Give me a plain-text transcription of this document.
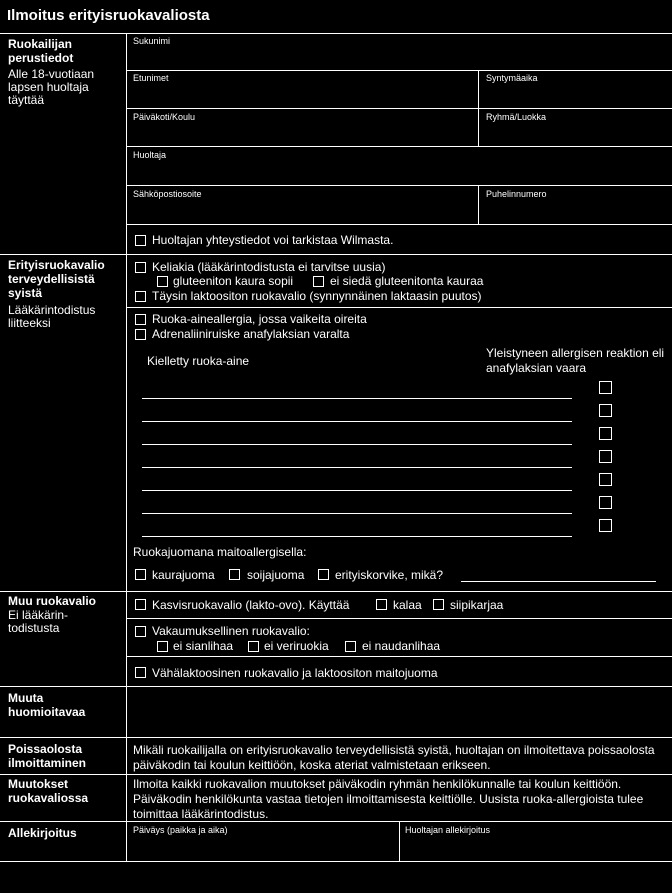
Ilmoitus erityisruokavaliosta
Ruokailijan perustiedot
Alle 18-vuotiaan lapsen huoltaja täyttää
Sukunimi
Etunimet	Syntymäaika
Päiväkoti/Koulu	Ryhmä/Luokka
Huoltaja
Sähköpostiosoite	Puhelinnumero
Huoltajan yhteystiedot voi tarkistaa Wilmasta.
Erityisruokavalio terveydellisistä syistä
Lääkärintodistus liitteeksi
Keliakia (lääkärintodistusta ei tarvitse uusia)
gluteeniton kaura sopii	ei siedä gluteenitonta kauraa
Täysin laktoositon ruokavalio (synnynnäinen laktaasin puutos)
Ruoka-aineallergia, jossa vaikeita oireita
Adrenaliiniruiske anafylaksian varalta
Kielletty ruoka-aine
Yleistyneen allergisen reaktion eli anafylaksian vaara
Ruokajuomana maitoallergisella:
kaurajuoma	soijajuoma	erityiskorvike, mikä?
Muu ruokavalio
Ei lääkärin-todistusta
Kasvisruokavalio (lakto-ovo). Käyttää	kalaa siipikarjaa
Vakaumuksellinen ruokavalio:
ei sianlihaa	ei veriruokia	ei naudanlihaa
Vähälaktoosinen ruokavalio ja laktoositon maitojuoma
Muuta huomioitavaa
Poissaolosta ilmoittaminen
Mikäli ruokailijalla on erityisruokavalio terveydellisistä syistä, huoltajan on ilmoitettava poissaolosta päiväkodin tai koulun keittiöön, koska ateriat valmistetaan erikseen.
Muutokset ruokavaliossa
Ilmoita kaikki ruokavalion muutokset päiväkodin ryhmän henkilökunnalle tai koulun keittiöön. Päiväkodin henkilökunta vastaa tietojen ilmoittamisesta keittiölle. Uusista ruoka-allergioista tulee toimittaa lääkärintodistus.
Allekirjoitus	Päiväys (paikka ja aika)	Huoltajan allekirjoitus
